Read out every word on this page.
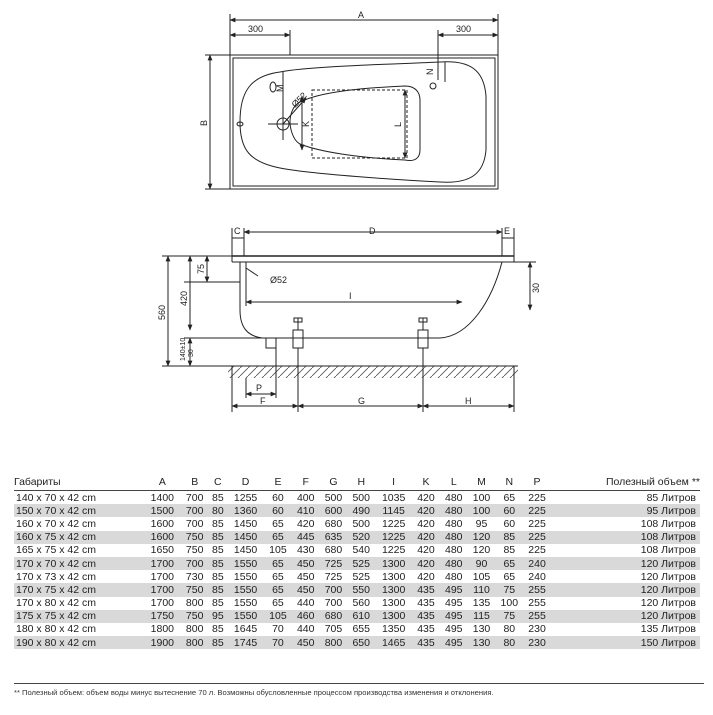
A
300	300
B
M
N
K	L
Ø52
C	D	E
I
Ø52
75
420
560
140±10 30
30
P
F	G	H
Габариты	A	B	C	D	E	F	G	H	I	K	L	M	N	P	Полезный объем **
140 x 70 x 42 cm	1400	700	85	1255	60	400	500	500	1035	420	480	100	65	225	85 Литров
150 x 70 x 42 cm	1500	700	80	1360	60	410	600	490	1145	420	480	100	60	225	95 Литров
160 x 70 x 42 cm	1600	700	85	1450	65	420	680	500	1225	420	480	95	60	225	108 Литров
160 x 75 x 42 cm	1600	750	85	1450	65	445	635	520	1225	420	480	120	85	225	108 Литров
165 x 75 x 42 cm	1650	750	85	1450	105	430	680	540	1225	420	480	120	85	225	108 Литров
170 x 70 x 42 cm	1700	700	85	1550	65	450	725	525	1300	420	480	90	65	240	120 Литров
170 x 73 x 42 cm	1700	730	85	1550	65	450	725	525	1300	420	480	105	65	240	120 Литров
170 x 75 x 42 cm	1700	750	85	1550	65	450	700	550	1300	435	495	110	75	255	120 Литров
170 x 80 x 42 cm	1700	800	85	1550	65	440	700	560	1300	435	495	135	100	255	120 Литров
175 x 75 x 42 cm	1750	750	95	1550	105	460	680	610	1300	435	495	115	75	255	120 Литров
180 x 80 x 42 cm	1800	800	85	1645	70	440	705	655	1350	435	495	130	80	230	135 Литров
190 x 80 x 42 cm	1900	800	85	1745	70	450	800	650	1465	435	495	130	80	230	150 Литров
** Полезный объем: объем воды минус вытеснение 70 л. Возможны обусловленные процессом производства изменения и отклонения.
